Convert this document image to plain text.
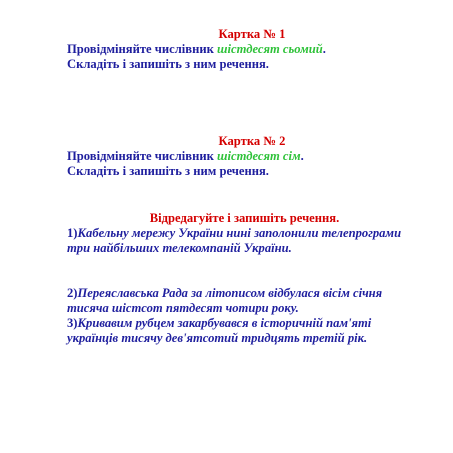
Картка № 1

Провідміняйте числівник шістдесят сьомий.

Складіть і запишіть з ним речення.

Картка № 2

Провідміняйте числівник шістдесят сім.

Складіть і запишіть з ним речення.

Відредагуйте і запишіть речення.

1)Кабельну мережу України нині заполонили телепрограми три найбільших телекомпаній України.

2)Переяславська Рада за літописом відбулася вісім січня тисяча шістсот пятдесят чотири року.

3)Кривавим рубцем закарбувався в історичній пам'яті українців тисячу дев'ятсотий тридцять третій рік.
